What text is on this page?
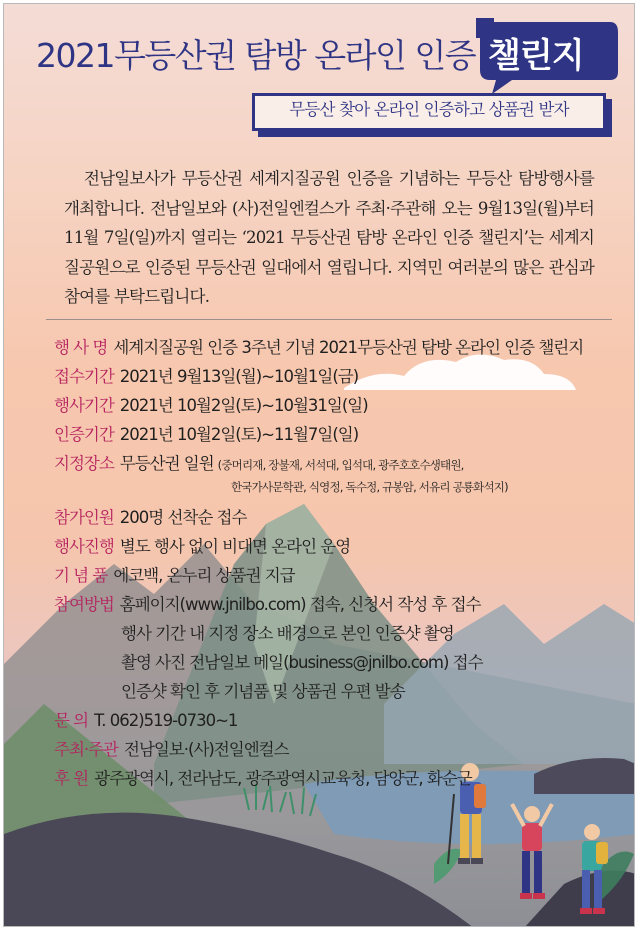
2021무등산권 탐방 온라인 인증 챌린지
무등산 찾아 온라인 인증하고 상품권 받자

전남일보사가 무등산권 세계지질공원 인증을 기념하는 무등산 탐방행사를 개최합니다. 전남일보와 (사)전일엔컬스가 주최·주관해 오는 9월13일(월)부터 11월 7일(일)까지 열리는 ‘2021 무등산권 탐방 온라인 인증 챌린지’는 세계지질공원으로 인증된 무등산권 일대에서 열립니다. 지역민 여러분의 많은 관심과 참여를 부탁드립니다.

행 사 명 세계지질공원 인증 3주년 기념 2021무등산권 탐방 온라인 인증 챌린지
접수기간 2021년 9월13일(월)~10월1일(금)
행사기간 2021년 10월2일(토)~10월31일(일)
인증기간 2021년 10월2일(토)~11월7일(일)
지정장소 무등산권 일원 (중머리재, 장불재, 서석대, 입석대, 광주호호수생태원,
한국가사문학관, 식영정, 독수정, 규봉암, 서유리 공룡화석지)
참가인원 200명 선착순 접수
행사진행 별도 행사 없이 비대면 온라인 운영
기 념 품 에코백, 온누리 상품권 지급
참여방법 홈페이지(www.jnilbo.com) 접속, 신청서 작성 후 접수
행사 기간 내 지정 장소 배경으로 본인 인증샷 촬영
촬영 사진 전남일보 메일(business@jnilbo.com) 접수
인증샷 확인 후 기념품 및 상품권 우편 발송
문 의 T. 062)519-0730~1
주최·주관 전남일보·(사)전일엔컬스
후 원 광주광역시, 전라남도, 광주광역시교육청, 담양군, 화순군
